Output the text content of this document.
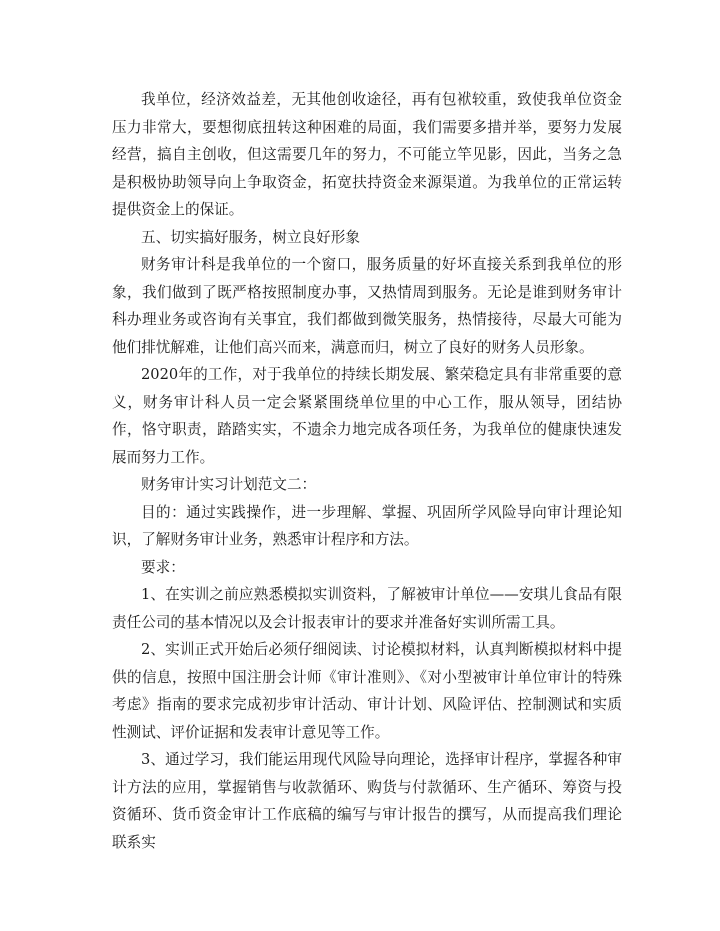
我单位，经济效益差，无其他创收途径，再有包袱较重，致使我单位资金压力非常大，要想彻底扭转这种困难的局面，我们需要多措并举，要努力发展经营，搞自主创收，但这需要几年的努力，不可能立竿见影，因此，当务之急是积极协助领导向上争取资金，拓宽扶持资金来源渠道。为我单位的正常运转提供资金上的保证。

五、切实搞好服务，树立良好形象

财务审计科是我单位的一个窗口，服务质量的好坏直接关系到我单位的形象，我们做到了既严格按照制度办事，又热情周到服务。无论是谁到财务审计科办理业务或咨询有关事宜，我们都做到微笑服务，热情接待，尽最大可能为他们排忧解难，让他们高兴而来，满意而归，树立了良好的财务人员形象。

2020年的工作，对于我单位的持续长期发展、繁荣稳定具有非常重要的意义，财务审计科人员一定会紧紧围绕单位里的中心工作，服从领导，团结协作，恪守职责，踏踏实实，不遗余力地完成各项任务，为我单位的健康快速发展而努力工作。

财务审计实习计划范文二：

目的：通过实践操作，进一步理解、掌握、巩固所学风险导向审计理论知识，了解财务审计业务，熟悉审计程序和方法。

要求：

1、在实训之前应熟悉模拟实训资料，了解被审计单位——安琪儿食品有限责任公司的基本情况以及会计报表审计的要求并准备好实训所需工具。

2、实训正式开始后必须仔细阅读、讨论模拟材料，认真判断模拟材料中提供的信息，按照中国注册会计师《审计准则》、《对小型被审计单位审计的特殊考虑》指南的要求完成初步审计活动、审计计划、风险评估、控制测试和实质性测试、评价证据和发表审计意见等工作。

3、通过学习，我们能运用现代风险导向理论，选择审计程序，掌握各种审计方法的应用，掌握销售与收款循环、购货与付款循环、生产循环、筹资与投资循环、货币资金审计工作底稿的编写与审计报告的撰写，从而提高我们理论联系实
